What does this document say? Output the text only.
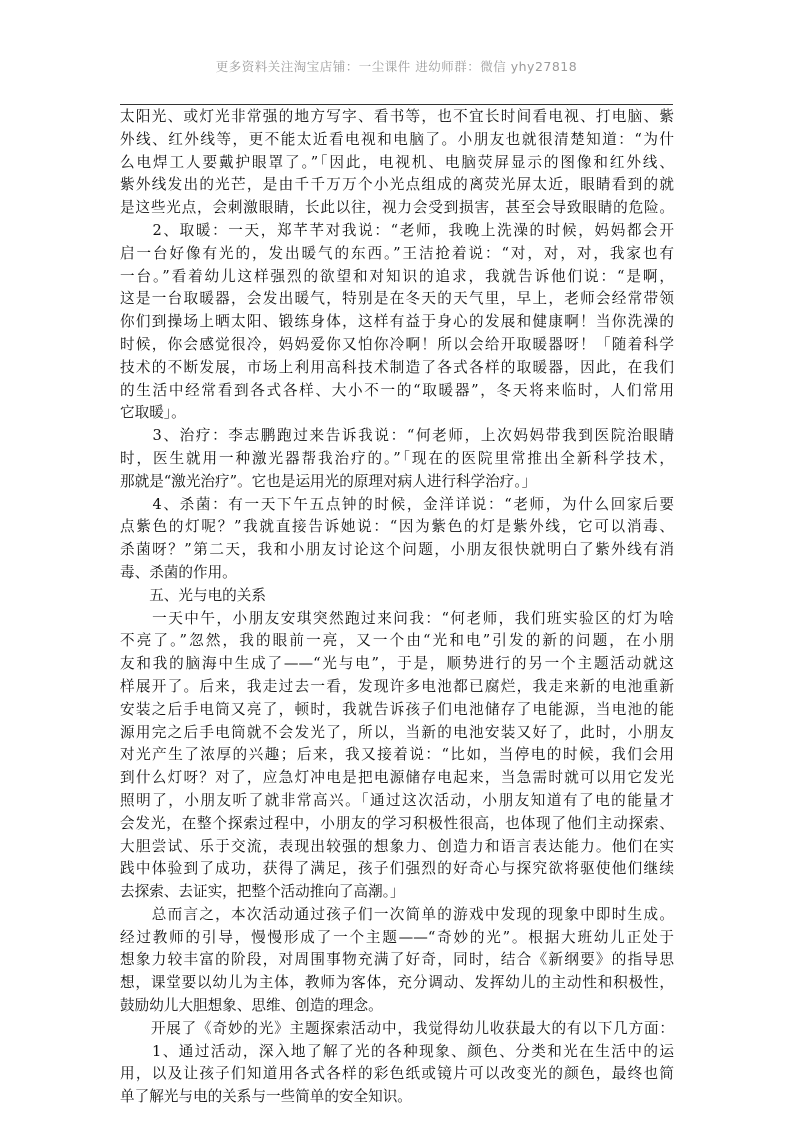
更多资料关注淘宝店铺：一尘课件 进幼师群：微信 yhy27818
太阳光、或灯光非常强的地方写字、看书等，也不宜长时间看电视、打电脑、紫
外线、红外线等，更不能太近看电视和电脑了。小朋友也就很清楚知道：“为什
么电焊工人要戴护眼罩了。”「因此，电视机、电脑荧屏显示的图像和红外线、
紫外线发出的光芒，是由千千万万个小光点组成的离荧光屏太近，眼睛看到的就
是这些光点，会刺激眼睛，长此以往，视力会受到损害，甚至会导致眼睛的危险。
　　2、取暖：一天，郑芊芊对我说：“老师，我晚上洗澡的时候，妈妈都会开
启一台好像有光的，发出暖气的东西。”王洁抢着说：“对，对，对，我家也有
一台。”看着幼儿这样强烈的欲望和对知识的追求，我就告诉他们说：“是啊，
这是一台取暖器，会发出暖气，特别是在冬天的天气里，早上，老师会经常带领
你们到操场上晒太阳、锻练身体，这样有益于身心的发展和健康啊！当你洗澡的
时候，你会感觉很冷，妈妈爱你又怕你冷啊！所以会给开取暖器呀！「随着科学
技术的不断发展，市场上利用高科技术制造了各式各样的取暖器，因此，在我们
的生活中经常看到各式各样、大小不一的“取暖器”，冬天将来临时，人们常用
它取暖」。
　　3、治疗：李志鹏跑过来告诉我说：“何老师，上次妈妈带我到医院治眼睛
时，医生就用一种激光器帮我治疗的。”「现在的医院里常推出全新科学技术，
那就是“激光治疗”。它也是运用光的原理对病人进行科学治疗。」
　　4、杀菌：有一天下午五点钟的时候，金洋详说：“老师，为什么回家后要
点紫色的灯呢？”我就直接告诉她说：“因为紫色的灯是紫外线，它可以消毒、
杀菌呀？”第二天，我和小朋友讨论这个问题，小朋友很快就明白了紫外线有消
毒、杀菌的作用。
　　五、光与电的关系
　　一天中午，小朋友安琪突然跑过来问我：“何老师，我们班实验区的灯为啥
不亮了。”忽然，我的眼前一亮，又一个由“光和电”引发的新的问题，在小朋
友和我的脑海中生成了——“光与电”，于是，顺势进行的另一个主题活动就这
样展开了。后来，我走过去一看，发现许多电池都已腐烂，我走来新的电池重新
安装之后手电筒又亮了，顿时，我就告诉孩子们电池储存了电能源，当电池的能
源用完之后手电筒就不会发光了，所以，当新的电池安装又好了，此时，小朋友
对光产生了浓厚的兴趣；后来，我又接着说：“比如，当停电的时候，我们会用
到什么灯呀？对了，应急灯冲电是把电源储存电起来，当急需时就可以用它发光
照明了，小朋友听了就非常高兴。「通过这次活动，小朋友知道有了电的能量才
会发光，在整个探索过程中，小朋友的学习积极性很高，也体现了他们主动探索、
大胆尝试、乐于交流，表现出较强的想象力、创造力和语言表达能力。他们在实
践中体验到了成功，获得了满足，孩子们强烈的好奇心与探究欲将驱使他们继续
去探索、去证实，把整个活动推向了高潮。」
　　总而言之，本次活动通过孩子们一次简单的游戏中发现的现象中即时生成。
经过教师的引导，慢慢形成了一个主题——“奇妙的光”。根据大班幼儿正处于
想象力较丰富的阶段，对周围事物充满了好奇，同时，结合《新纲要》的指导思
想，课堂要以幼儿为主体，教师为客体，充分调动、发挥幼儿的主动性和积极性，
鼓励幼儿大胆想象、思维、创造的理念。
　　开展了《奇妙的光》主题探索活动中，我觉得幼儿收获最大的有以下几方面：
　　1、通过活动，深入地了解了光的各种现象、颜色、分类和光在生活中的运
用，以及让孩子们知道用各式各样的彩色纸或镜片可以改变光的颜色，最终也简
单了解光与电的关系与一些简单的安全知识。
